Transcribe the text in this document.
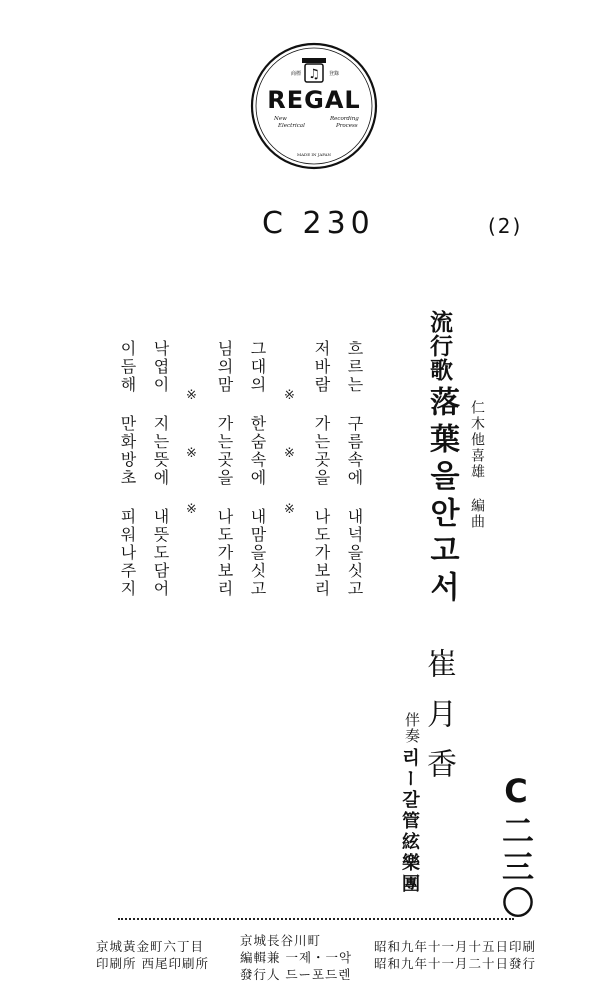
♫
商標	登錄
REGAL
New
Electrical
Recording
Process
MADE IN JAPAN
C 230	(2)
流行歌
落葉을안고서 仁木他喜雄 編曲
崔月香
伴奏
리ー갈管絃樂團 C二三〇
흐르는 구름속에 내넉을싯고
저바람 가는곳을 나도가보리
그대의 한숨속에 내맘을싯고
님의맘 가는곳을 나도가보리
낙엽이 지는뜻에 내뜻도담어
이듬해 만화방초 피워나주지	※
※
※
※
※
※
京城黃金町六丁目
印刷所 西尾印刷所
京城長谷川町
編輯兼 一제・一악
發行人 드ー포드렌
昭和九年十一月十五日印刷
昭和九年十一月二十日發行
